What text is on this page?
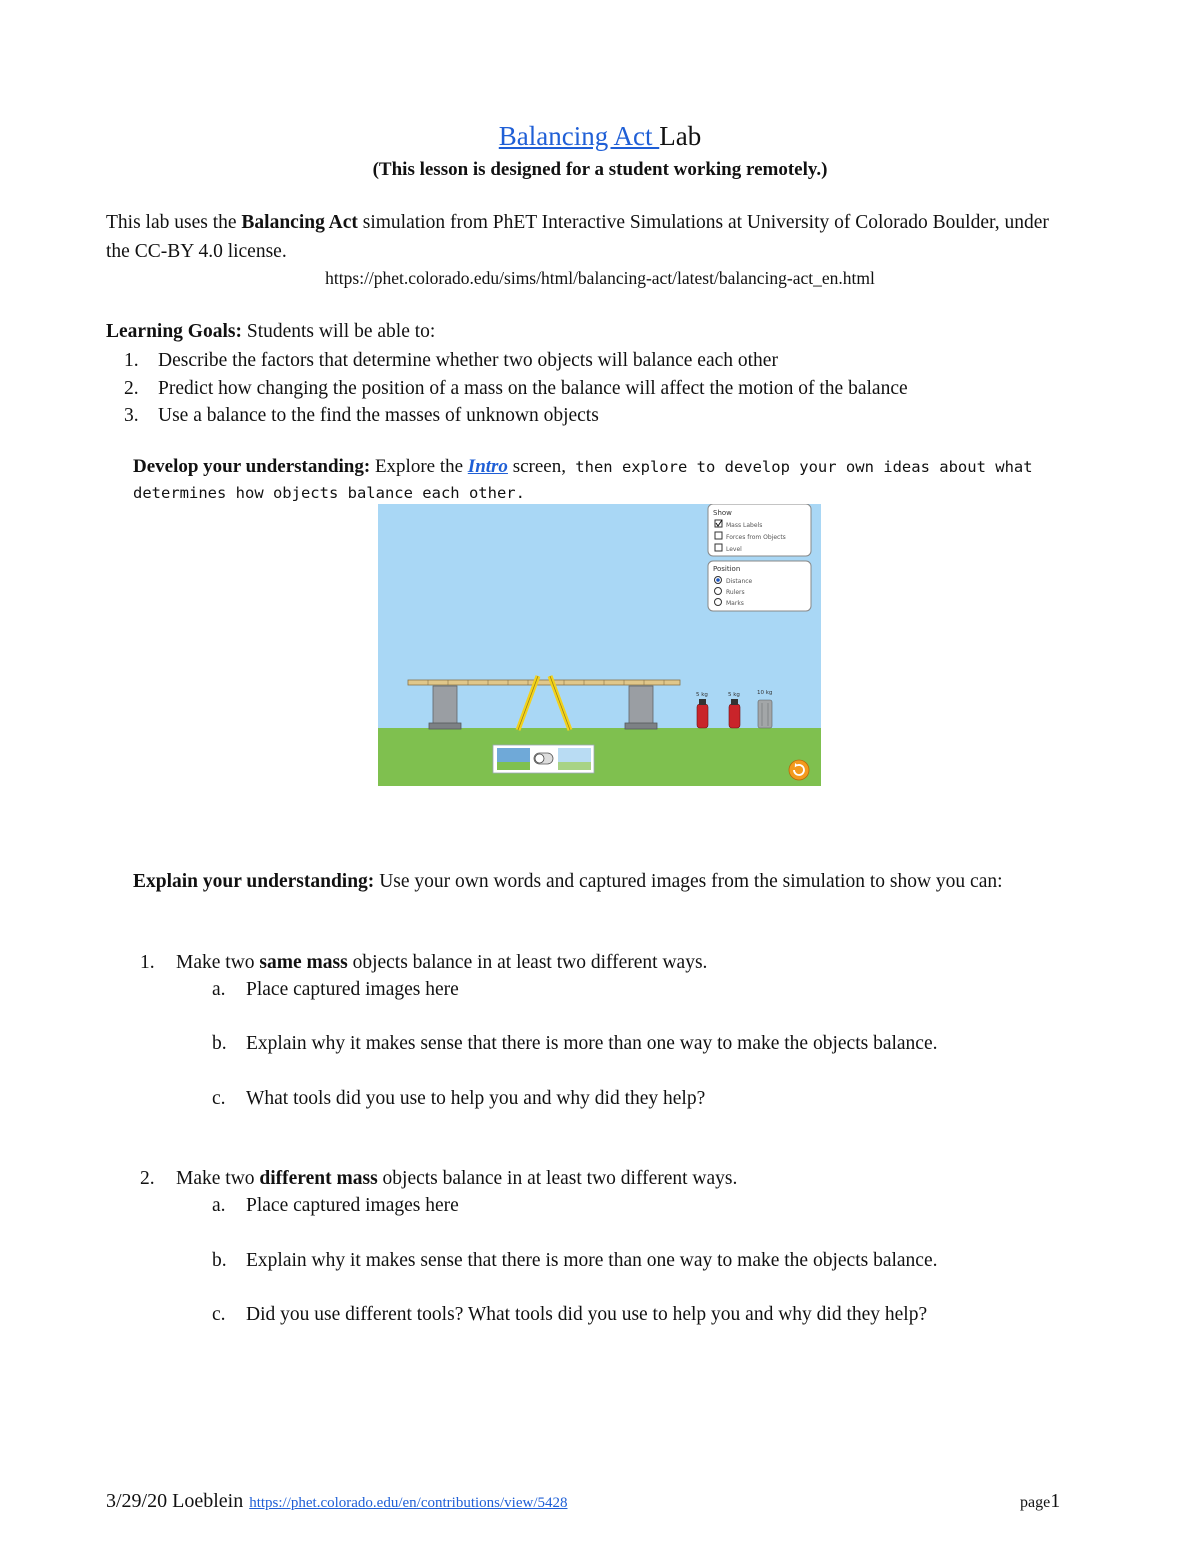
Balancing Act Lab
(This lesson is designed for a student working remotely.)
This lab uses the Balancing Act simulation from PhET Interactive Simulations at University of Colorado Boulder, under the CC-BY 4.0 license.
https://phet.colorado.edu/sims/html/balancing-act/latest/balancing-act_en.html
Learning Goals: Students will be able to:
1. Describe the factors that determine whether two objects will balance each other
2. Predict how changing the position of a mass on the balance will affect the motion of the balance
3. Use a balance to the find the masses of unknown objects
Develop your understanding: Explore the Intro screen, then explore to develop your own ideas about what determines how objects balance each other.
Show
Mass Labels
Forces from Objects
Level
Position
Distance
Rulers
Marks
5 kg	5 kg	10 kg
Explain your understanding: Use your own words and captured images from the simulation to show you can:
1. Make two same mass objects balance in at least two different ways.
a. Place captured images here
b. Explain why it makes sense that there is more than one way to make the objects balance.
c. What tools did you use to help you and why did they help?
2. Make two different mass objects balance in at least two different ways.
a. Place captured images here
b. Explain why it makes sense that there is more than one way to make the objects balance.
c. Did you use different tools? What tools did you use to help you and why did they help?
3/29/20 Loeblein https://phet.colorado.edu/en/contributions/view/5428	page1
